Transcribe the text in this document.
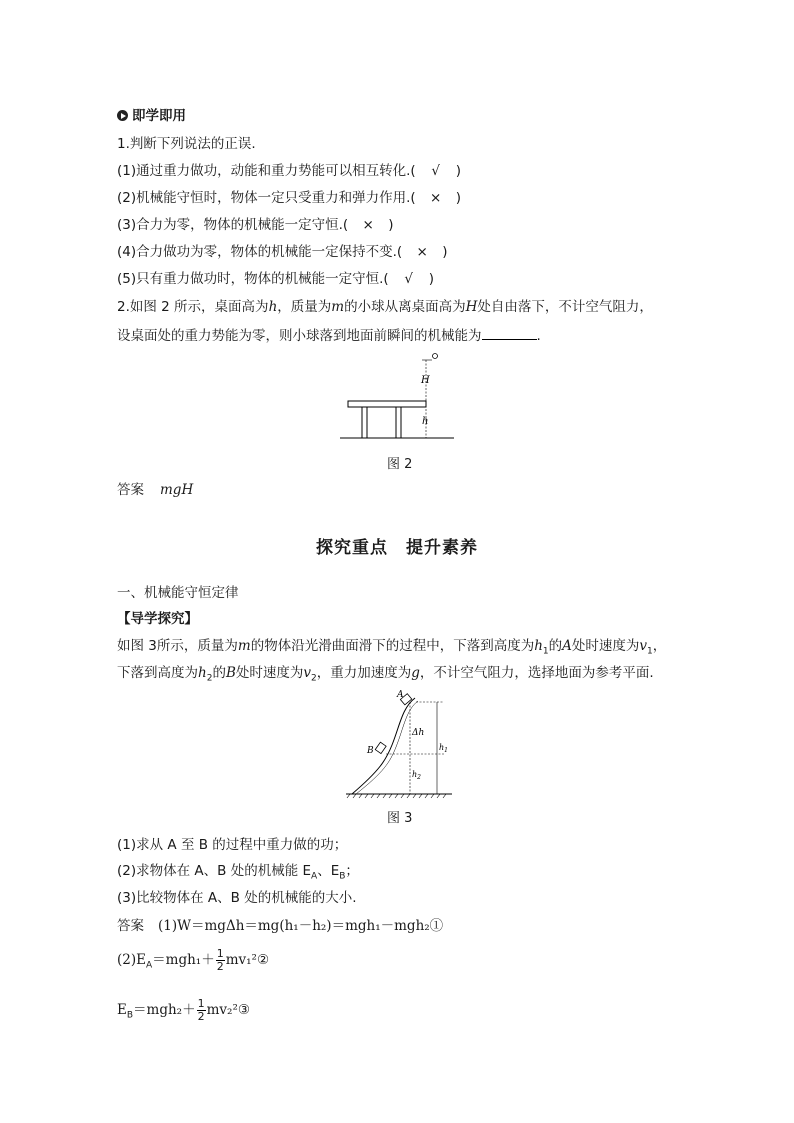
即学即用
1.判断下列说法的正误.
(1)通过重力做功，动能和重力势能可以相互转化.( √ )
(2)机械能守恒时，物体一定只受重力和弹力作用.( × )
(3)合力为零，物体的机械能一定守恒.( × )
(4)合力做功为零，物体的机械能一定保持不变.( × )
(5)只有重力做功时，物体的机械能一定守恒.( √ )
2.如图 2 所示，桌面高为h，质量为m的小球从离桌面高为H处自由落下，不计空气阻力，
设桌面处的重力势能为零，则小球落到地面前瞬间的机械能为	.
H
h
图 2
答案 mgH
探究重点　提升素养
一、机械能守恒定律
【导学探究】
如图 3所示，质量为m的物体沿光滑曲面滑下的过程中，下落到高度为$h_1$的A处时速度为$v_1$，
下落到高度为$h_2$的B处时速度为$v_2$，重力加速度为g，不计空气阻力，选择地面为参考平面.
A
B
Δh
$h_1$
$h_2$
图 3
(1)求从 A 至 B 的过程中重力做的功；
(2)求物体在 A、B 处的机械能 $E_A$、$E_B$；
(3)比较物体在 A、B 处的机械能的大小.
答案 (1)W＝mgΔh＝mg(h₁－h₂)＝mgh₁－mgh₂①
$(2)E_A=mgh_1+ \frac{1}{2}$ mv₁²②
$E_B=mgh_2+ \frac{1}{2}$ mv₂²③
